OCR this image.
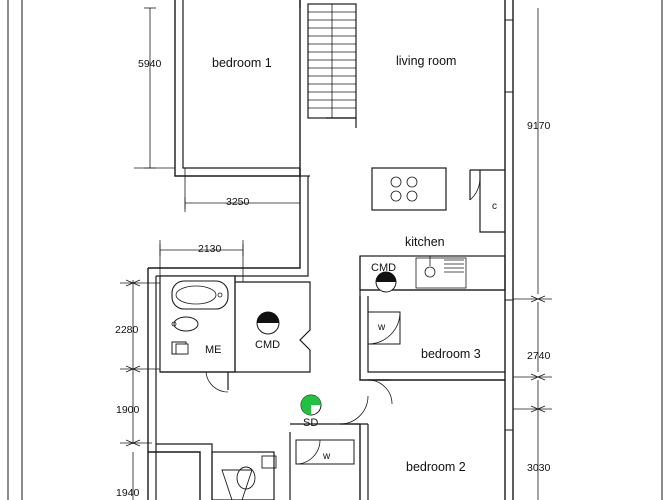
bedroom 1	living room
kitchen
bedroom 3
bedroom 2
5940
9170
3250
2130
2280
2740
1900
3030
1940
ME	CMD
CMD
SD
c
w
w
